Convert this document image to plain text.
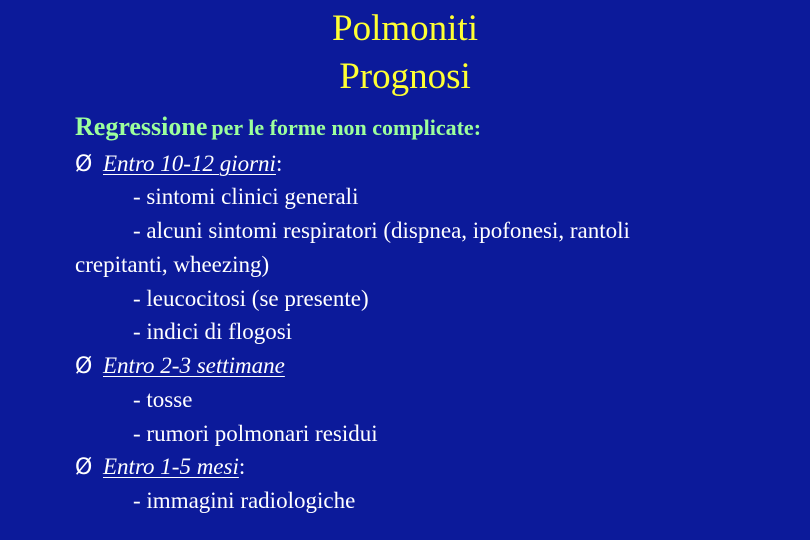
Polmoniti
Prognosi
Regressione per le forme non complicate:
Ø Entro 10-12 giorni:
- sintomi clinici generali
- alcuni sintomi respiratori (dispnea, ipofonesi, rantoli
crepitanti, wheezing)
- leucocitosi (se presente)
- indici di flogosi
Ø Entro 2-3 settimane
- tosse
- rumori polmonari residui
Ø Entro 1-5 mesi:
- immagini radiologiche
